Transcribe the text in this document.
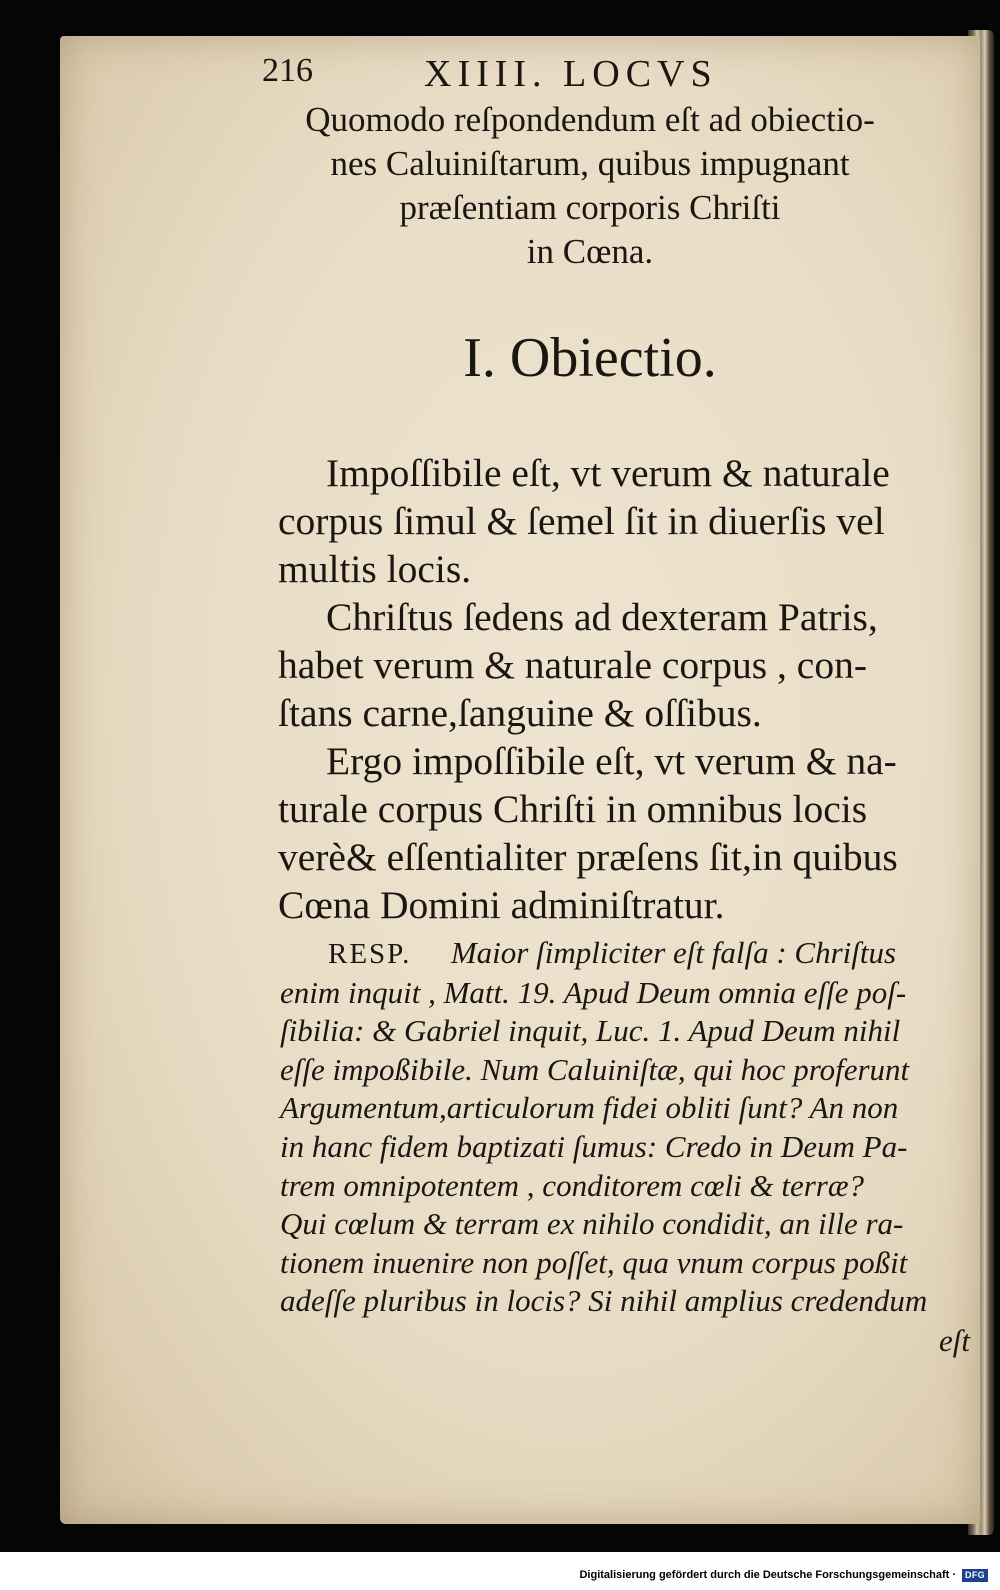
216	XIIII. LOCVS
Quomodo reſpondendum eſt ad obiectio-
nes Caluiniſtarum, quibus impugnant
præſentiam corporis Chriſti
in Cœna.
I. Obiectio.
Impoſſibile eſt, vt verum & naturale
corpus ſimul & ſemel ſit in diuerſis vel
multis locis.
Chriſtus ſedens ad dexteram Patris,
habet verum & naturale corpus , con-
ſtans carne,ſanguine & oſſibus.
Ergo impoſſibile eſt, vt verum & na-
turale corpus Chriſti in omnibus locis
verè& eſſentialiter præſens ſit,in quibus
Cœna Domini adminiſtratur.
RESP. Maior ſimpliciter eſt falſa : Chriſtus
enim inquit , Matt. 19. Apud Deum omnia eſſe poſ-
ſibilia: & Gabriel inquit, Luc. 1. Apud Deum nihil
eſſe impoßibile. Num Caluiniſtæ, qui hoc proferunt
Argumentum,articulorum fidei obliti ſunt? An non
in hanc fidem baptizati ſumus: Credo in Deum Pa-
trem omnipotentem , conditorem cœli & terræ?
Qui cœlum & terram ex nihilo condidit, an ille ra-
tionem inuenire non poſſet, qua vnum corpus poßit
adeſſe pluribus in locis? Si nihil amplius credendum
eſt
Digitalisierung gefördert durch die Deutsche Forschungsgemeinschaft ·	DFG
